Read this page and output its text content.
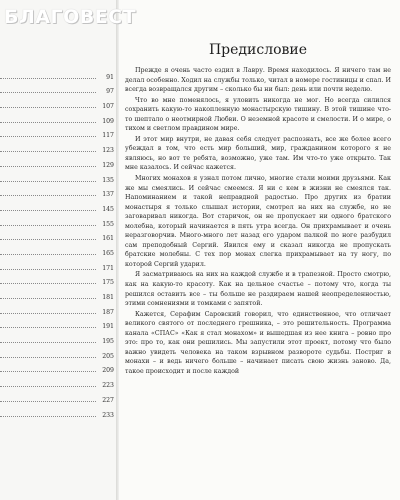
91
97
107
109
117
123
129
135
137
145
155
161
165
171
175
181
187
191
195
205
209
223
227
233

БЛАГОВЕСТ

Предисловие

Прежде я очень часто ездил в Лавру. Время находилось. Я ничего там не делал особенно. Ходил на службы только, читал в номере гостиницы и спал. И всегда возвращался другим – сколько бы ни был: день или почти неделю.

Что во мне поменялось, я уловить никогда не мог. Но всегда силился сохранить какую-то накопленную монастырскую тишину. В этой тишине что-то шептало о неотмирной Любви. О неземной красоте и смелости. И о мире, о тихом и светлом правдином мире.

И этот мир внутри, не давая себя следует распознать, все же более всего убеждал в том, что есть мир больший, мир, гражданином которого я не являюсь, но вот те ребята, возможно, уже там. Им что-то уже открыто. Так мне казалось. И сейчас кажется.

Многих монахов я узнал потом лично, многие стали моими друзьями. Как же мы смеялись. И сейчас смеемся. Я ни с кем в жизни не смеялся так. Напоминанием и такой неправдной радостью. Про других из братии монастыря я только слышал истории, смотрел на них на службе, но не заговаривал никогда. Вот старичок, он не пропускает ни одного братского молебна, который начинается в пять утра всегда. Он прихрамывает и очень неразговорчив. Много-много лет назад его ударом палкой по ноге разбудил сам преподобный Сергий. Явился ему и сказал никогда не пропускать братские молебны. С тех пор монах слегка прихрамывает на ту ногу, по которой Сергий ударил.

Я засматриваюсь на них на каждой службе и в трапезной. Просто смотрю, как на какую-то красоту. Как на цельное счастье – потому что, когда ты решился оставить все – ты больше не раздираем нашей неопределенностью, этими сомнениями и томками с запятой.

Кажется, Серафим Саровский говорил, что единственное, что отличает великого святого от последнего грешника, – это решительность. Программа канала «СПАС» «Как я стал монахом» и вышедшая из нее книга – ровно про это: про то, как они решились. Мы запустили этот проект, потому что было важно увидеть человека на таком взрывном развороте судьбы. Постриг в монахи – и ведь ничего больше – начинает писать свою жизнь заново. Да, такое происходит и после каждой
